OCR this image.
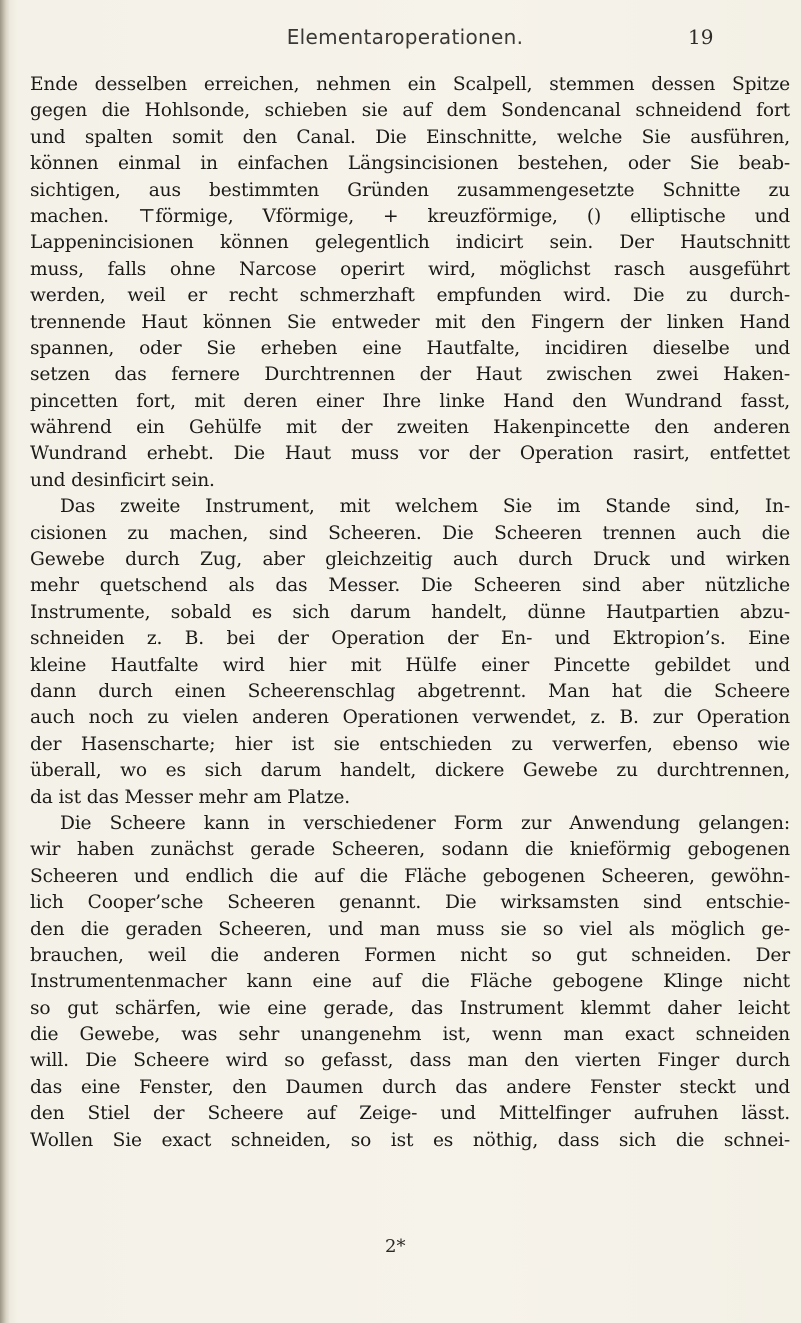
Elementaroperationen.	19
Ende desselben erreichen, nehmen ein Scalpell, stemmen dessen Spitze
gegen die Hohlsonde, schieben sie auf dem Sondencanal schneidend fort
und spalten somit den Canal. Die Einschnitte, welche Sie ausführen,
können einmal in einfachen Längsincisionen bestehen, oder Sie beab-
sichtigen, aus bestimmten Gründen zusammengesetzte Schnitte zu
machen. ⊤förmige, Vförmige, + kreuzförmige, () elliptische und
Lappenincisionen können gelegentlich indicirt sein. Der Hautschnitt
muss, falls ohne Narcose operirt wird, möglichst rasch ausgeführt
werden, weil er recht schmerzhaft empfunden wird. Die zu durch-
trennende Haut können Sie entweder mit den Fingern der linken Hand
spannen, oder Sie erheben eine Hautfalte, incidiren dieselbe und
setzen das fernere Durchtrennen der Haut zwischen zwei Haken-
pincetten fort, mit deren einer Ihre linke Hand den Wundrand fasst,
während ein Gehülfe mit der zweiten Hakenpincette den anderen
Wundrand erhebt. Die Haut muss vor der Operation rasirt, entfettet
und desinficirt sein.
Das zweite Instrument, mit welchem Sie im Stande sind, In-
cisionen zu machen, sind Scheeren. Die Scheeren trennen auch die
Gewebe durch Zug, aber gleichzeitig auch durch Druck und wirken
mehr quetschend als das Messer. Die Scheeren sind aber nützliche
Instrumente, sobald es sich darum handelt, dünne Hautpartien abzu-
schneiden z. B. bei der Operation der En- und Ektropion’s. Eine
kleine Hautfalte wird hier mit Hülfe einer Pincette gebildet und
dann durch einen Scheerenschlag abgetrennt. Man hat die Scheere
auch noch zu vielen anderen Operationen verwendet, z. B. zur Operation
der Hasenscharte; hier ist sie entschieden zu verwerfen, ebenso wie
überall, wo es sich darum handelt, dickere Gewebe zu durchtrennen,
da ist das Messer mehr am Platze.
Die Scheere kann in verschiedener Form zur Anwendung gelangen:
wir haben zunächst gerade Scheeren, sodann die knieförmig gebogenen
Scheeren und endlich die auf die Fläche gebogenen Scheeren, gewöhn-
lich Cooper’sche Scheeren genannt. Die wirksamsten sind entschie-
den die geraden Scheeren, und man muss sie so viel als möglich ge-
brauchen, weil die anderen Formen nicht so gut schneiden. Der
Instrumentenmacher kann eine auf die Fläche gebogene Klinge nicht
so gut schärfen, wie eine gerade, das Instrument klemmt daher leicht
die Gewebe, was sehr unangenehm ist, wenn man exact schneiden
will. Die Scheere wird so gefasst, dass man den vierten Finger durch
das eine Fenster, den Daumen durch das andere Fenster steckt und
den Stiel der Scheere auf Zeige- und Mittelfinger aufruhen lässt.
Wollen Sie exact schneiden, so ist es nöthig, dass sich die schnei-
2*
